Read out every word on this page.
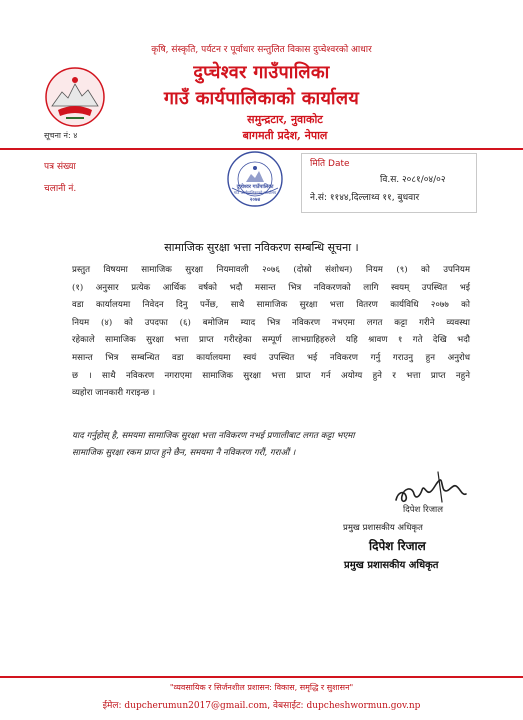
कृषि, संस्कृति, पर्यटन र पूर्वाधार सन्तुलित विकास दुप्चेश्वरको आधार
दुप्चेश्वर गाउँपालिका
गाउँ कार्यपालिकाको कार्यालय
समुन्द्रटार, नुवाकोट
बागमती प्रदेश, नेपाल
सूचना नं: ४
पत्र संख्या
चलानी नं.	दुप्चेश्वर गाउँपालिका
गाउँ कार्यपालिकाको कार्यालय
२०७४
मिति Date
वि.स. २०८१/०४/०२
ने.सं: ११४४,दिल्लाथ्व ११, बुधवार
सामाजिक सुरक्षा भत्ता नविकरण सम्बन्धि सूचना ।
प्रस्तुत विषयमा सामाजिक सुरक्षा नियमावली २०७६ (दोस्रो संशोधन) नियम (९) को उपनियम
(१) अनुसार प्रत्येक आर्थिक वर्षको भदौ मसान्त भित्र नविकरणको लागि स्वयम् उपस्थित भई
वडा कार्यालयमा निवेदन दिनु पर्नेछ, साथै सामाजिक सुरक्षा भत्ता वितरण कार्यविधि २०७७ को
नियम (४) को उपदफा (६) बमोजिम म्याद भित्र नविकरण नभएमा लगत कट्टा गरीने व्यवस्था
रहेकाले सामाजिक सुरक्षा भत्ता प्राप्त गरीरहेका सम्पूर्ण लाभग्राहिहरुले यहि श्रावण १ गते देखि भदौ
मसान्त भित्र सम्बन्धित वडा कार्यालयमा स्वयं उपस्थित भई नविकरण गर्नु गराउनु हुन अनुरोध
छ । साथै नविकरण नगराएमा सामाजिक सुरक्षा भत्ता प्राप्त गर्न अयोग्य हुने र भत्ता प्राप्त नहुने
व्यहोरा जानकारी गराइन्छ ।
याद गर्नुहोस् है, समयमा सामाजिक सुरक्षा भत्ता नविकरण नभई प्रणालीबाट लगत कट्टा भएमा
सामाजिक सुरक्षा रकम प्राप्त हुने छैन, समयमा नै नविकरण गरौं, गराऔं ।
दिपेश रिजाल
प्रमुख प्रशासकीय अधिकृत
दिपेश रिजाल
प्रमुख प्रशासकीय अधिकृत
"व्यवसायिक र सिर्जनशील प्रशासन: विकास, समृद्धि र सुशासन"
ईमेल: dupcherumun2017@gmail.com, वेबसाईट: dupcheshwormun.gov.np
